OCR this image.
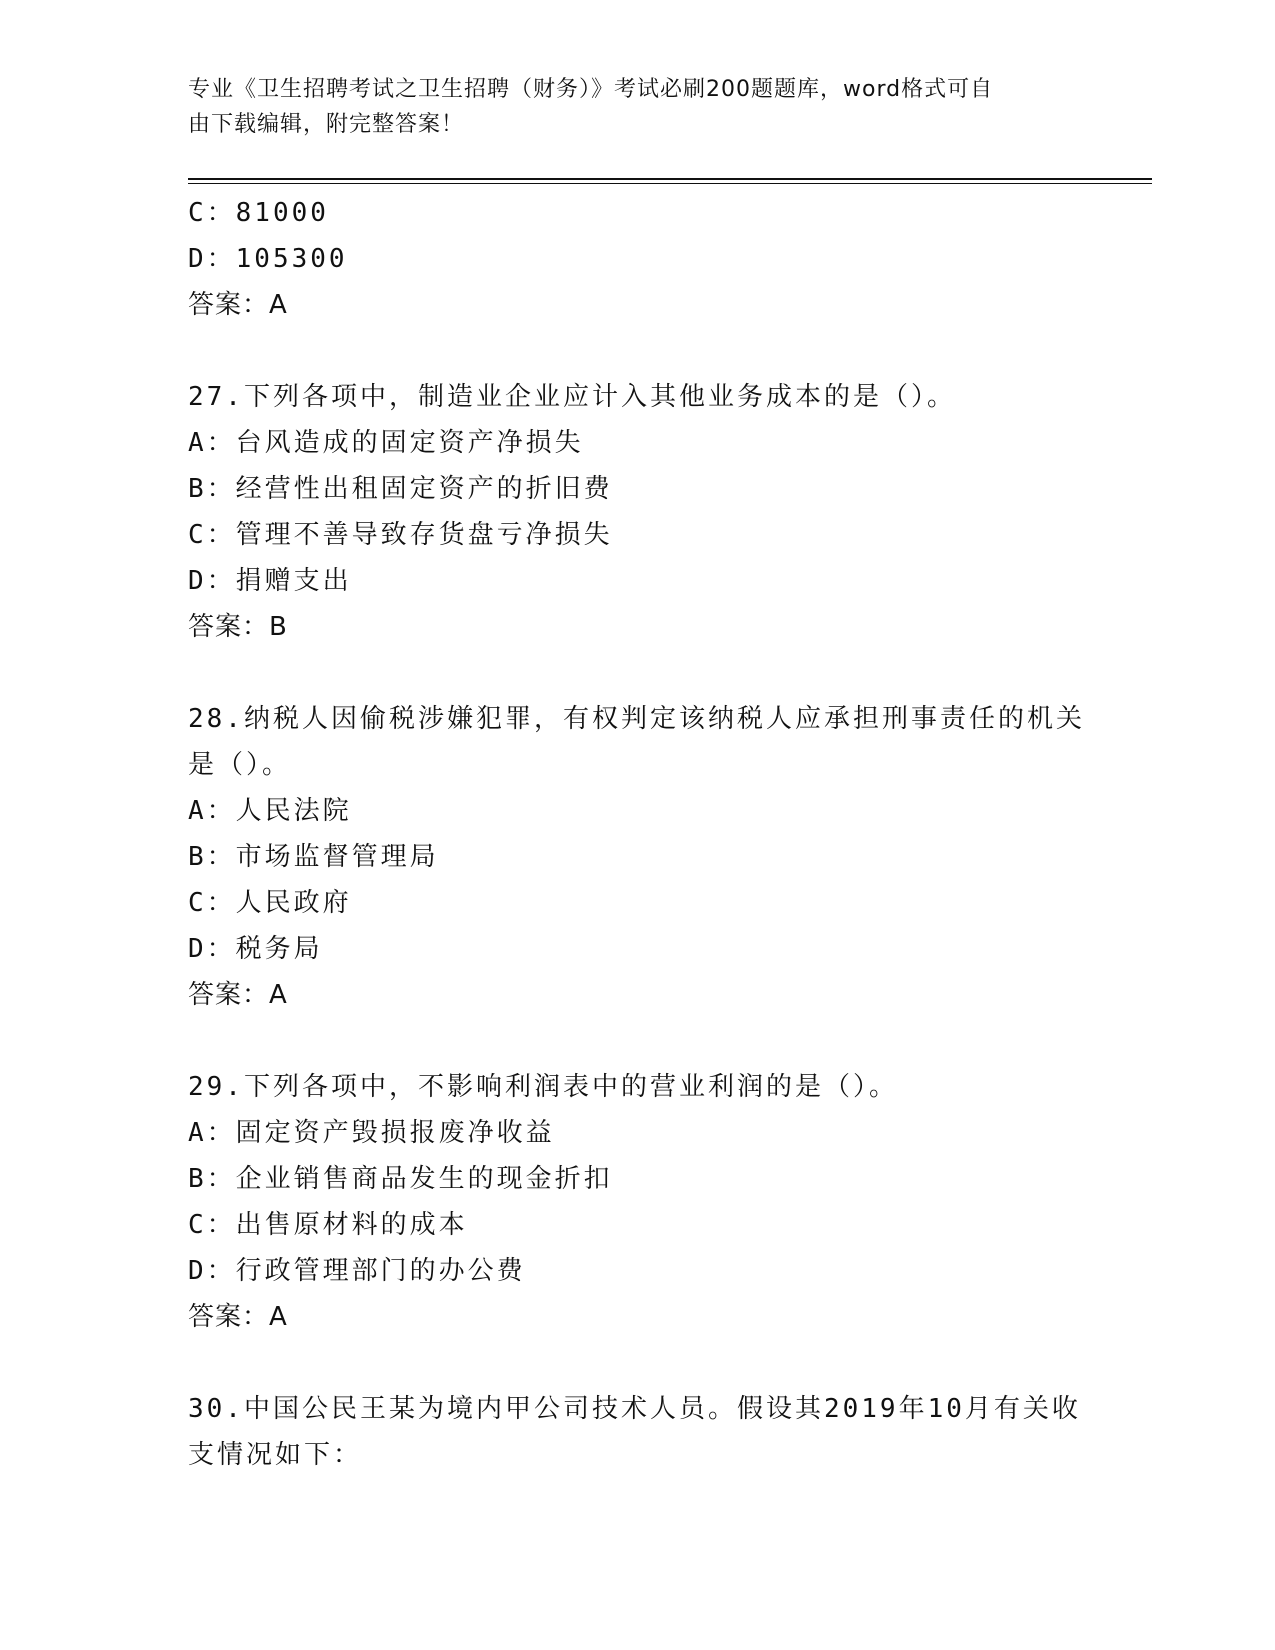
专业《卫生招聘考试之卫生招聘（财务）》考试必刷200题题库，word格式可自
由下载编辑，附完整答案！
C：81000
D：105300
答案：A
27.下列各项中，制造业企业应计入其他业务成本的是（）。
A：台风造成的固定资产净损失
B：经营性出租固定资产的折旧费
C：管理不善导致存货盘亏净损失
D：捐赠支出
答案：B
28.纳税人因偷税涉嫌犯罪，有权判定该纳税人应承担刑事责任的机关
是（）。
A：人民法院
B：市场监督管理局
C：人民政府
D：税务局
答案：A
29.下列各项中，不影响利润表中的营业利润的是（）。
A：固定资产毁损报废净收益
B：企业销售商品发生的现金折扣
C：出售原材料的成本
D：行政管理部门的办公费
答案：A
30.中国公民王某为境内甲公司技术人员。假设其2019年10月有关收
支情况如下：
